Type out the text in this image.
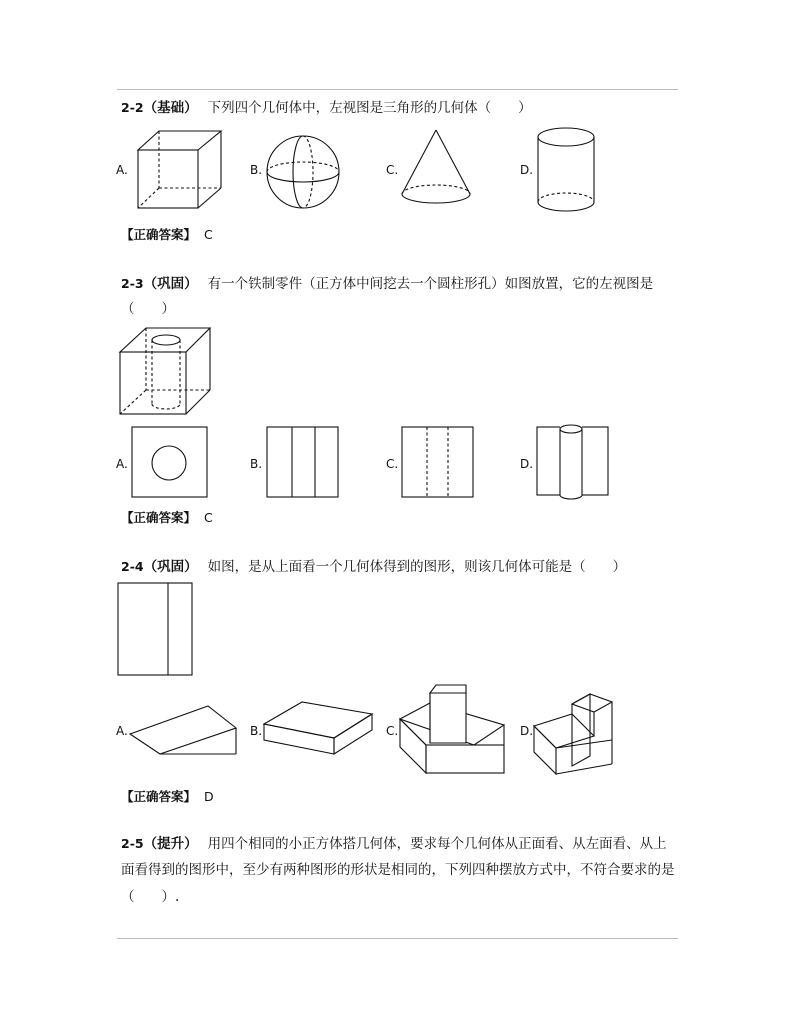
2-2（基础） 下列四个几何体中，左视图是三角形的几何体（　　）
A.	B.	C.	D.
【正确答案】 C
2-3（巩固） 有一个铁制零件（正方体中间挖去一个圆柱形孔）如图放置，它的左视图是
（　　）
A.	B.	C.	D.
【正确答案】 C
2-4（巩固） 如图，是从上面看一个几何体得到的图形，则该几何体可能是（　　）
A.	B.	C.	D.
【正确答案】 D
2-5（提升） 用四个相同的小正方体搭几何体，要求每个几何体从正面看、从左面看、从上
面看得到的图形中，至少有两种图形的形状是相同的，下列四种摆放方式中，不符合要求的是
（　　）.
